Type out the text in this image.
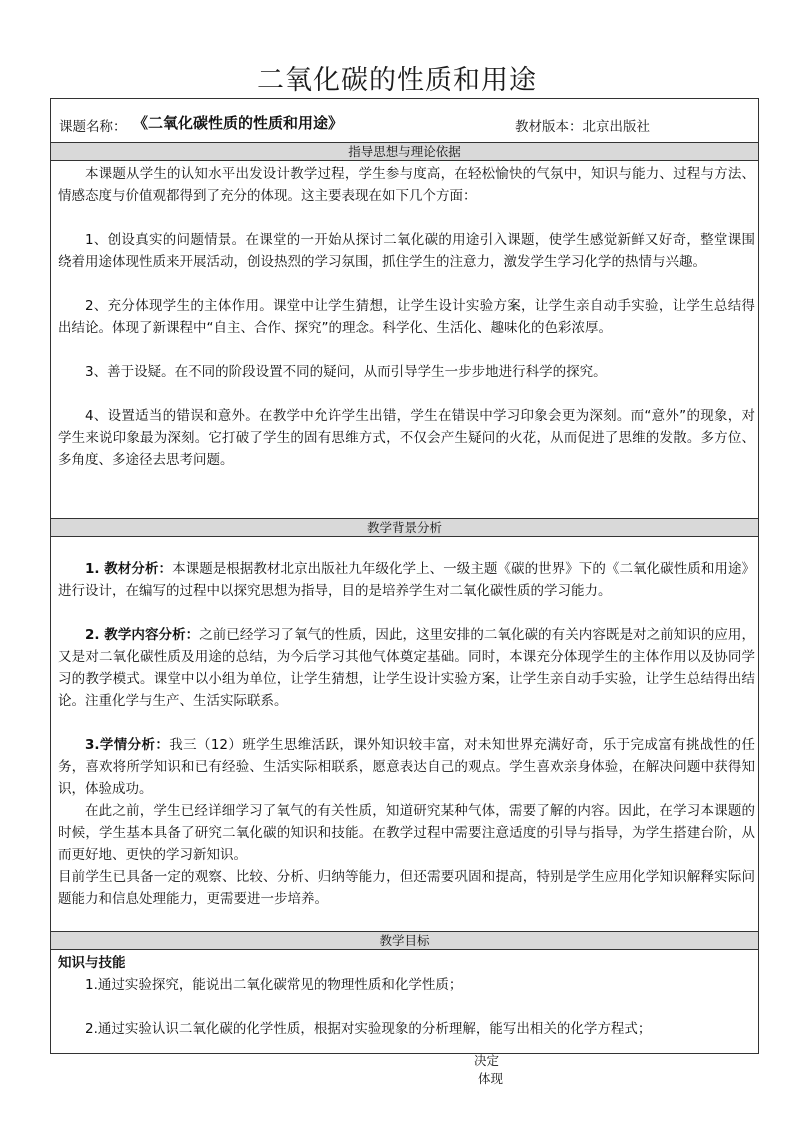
二氧化碳的性质和用途
课题名称： 《二氧化碳性质的性质和用途》	教材版本：北京出版社
指导思想与理论依据

本课题从学生的认知水平出发设计教学过程，学生参与度高，在轻松愉快的气氛中，知识与能力、过程与方法、情感态度与价值观都得到了充分的体现。这主要表现在如下几个方面：

1、创设真实的问题情景。在课堂的一开始从探讨二氧化碳的用途引入课题，使学生感觉新鲜又好奇，整堂课围绕着用途体现性质来开展活动，创设热烈的学习氛围，抓住学生的注意力，激发学生学习化学的热情与兴趣。

2、充分体现学生的主体作用。课堂中让学生猜想，让学生设计实验方案，让学生亲自动手实验，让学生总结得出结论。体现了新课程中“自主、合作、探究”的理念。科学化、生活化、趣味化的色彩浓厚。

3、善于设疑。在不同的阶段设置不同的疑问，从而引导学生一步步地进行科学的探究。

4、设置适当的错误和意外。在教学中允许学生出错，学生在错误中学习印象会更为深刻。而“意外”的现象，对学生来说印象最为深刻。它打破了学生的固有思维方式，不仅会产生疑问的火花，从而促进了思维的发散。多方位、多角度、多途径去思考问题。

教学背景分析

1. 教材分析：本课题是根据教材北京出版社九年级化学上、一级主题《碳的世界》下的《二氧化碳性质和用途》进行设计，在编写的过程中以探究思想为指导，目的是培养学生对二氧化碳性质的学习能力。

2. 教学内容分析：之前已经学习了氧气的性质，因此，这里安排的二氧化碳的有关内容既是对之前知识的应用，又是对二氧化碳性质及用途的总结，为今后学习其他气体奠定基础。同时，本课充分体现学生的主体作用以及协同学习的教学模式。课堂中以小组为单位，让学生猜想，让学生设计实验方案，让学生亲自动手实验，让学生总结得出结论。注重化学与生产、生活实际联系。

3.学情分析：我三（12）班学生思维活跃，课外知识较丰富，对未知世界充满好奇，乐于完成富有挑战性的任务，喜欢将所学知识和已有经验、生活实际相联系，愿意表达自己的观点。学生喜欢亲身体验，在解决问题中获得知识，体验成功。

在此之前，学生已经详细学习了氧气的有关性质，知道研究某种气体，需要了解的内容。因此，在学习本课题的时候，学生基本具备了研究二氧化碳的知识和技能。在教学过程中需要注意适度的引导与指导，为学生搭建台阶，从而更好地、更快的学习新知识。

目前学生已具备一定的观察、比较、分析、归纳等能力，但还需要巩固和提高，特别是学生应用化学知识解释实际问题能力和信息处理能力，更需要进一步培养。

教学目标

知识与技能

1.通过实验探究，能说出二氧化碳常见的物理性质和化学性质；

2.通过实验认识二氧化碳的化学性质，根据对实验现象的分析理解，能写出相关的化学方程式；

决定
体现
